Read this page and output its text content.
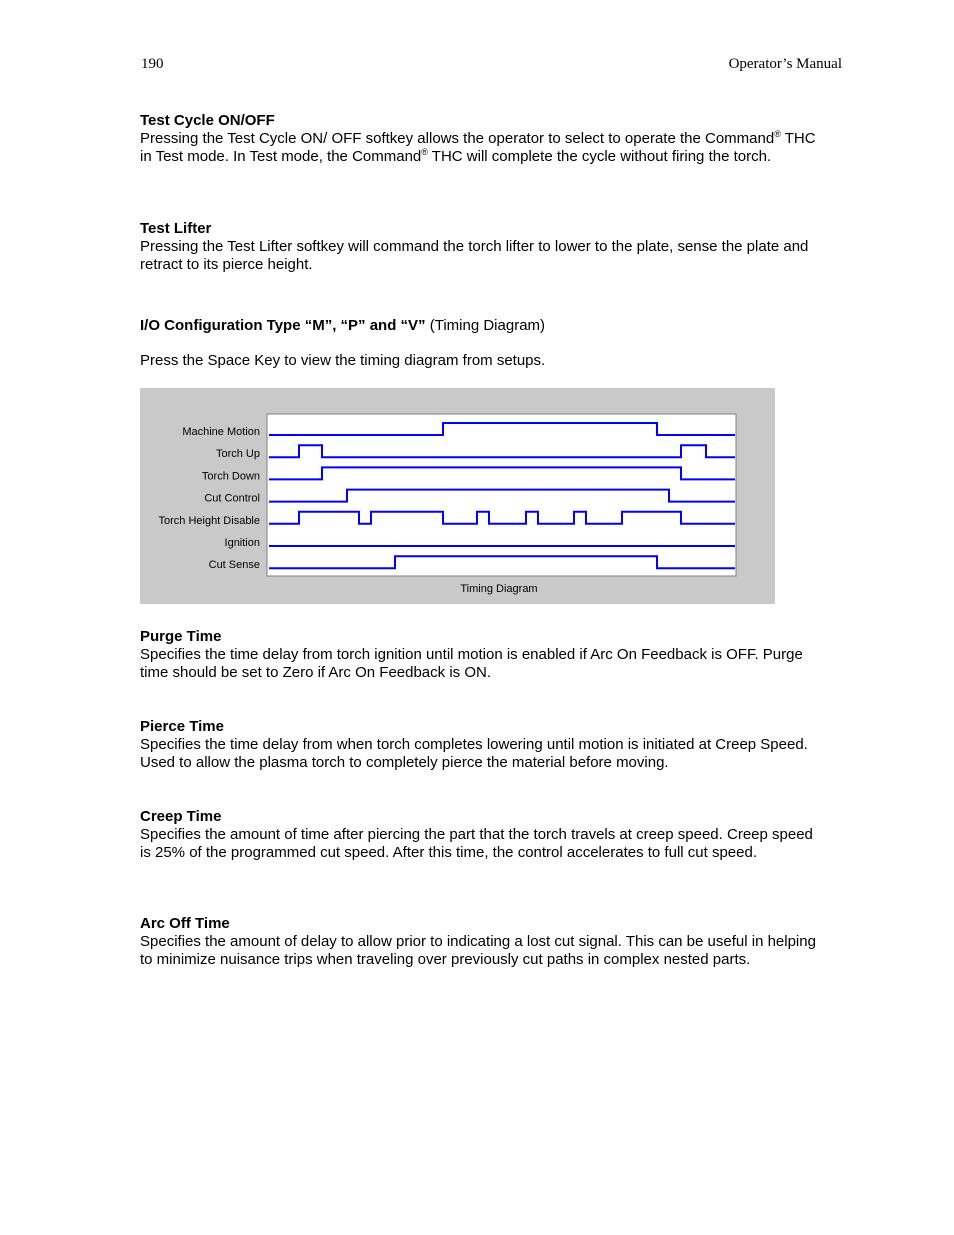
190	Operator’s Manual
Test Cycle ON/OFF

Pressing the Test Cycle ON/ OFF softkey allows the operator to select to operate the Command® THC in Test mode. In Test mode, the Command® THC will complete the cycle without firing the torch.

Test Lifter

Pressing the Test Lifter softkey will command the torch lifter to lower to the plate, sense the plate and retract to its pierce height.

I/O Configuration Type “M”, “P” and “V” (Timing Diagram)

Press the Space Key to view the timing diagram from setups.

Machine Motion
Torch Up
Torch Down
Cut Control
Torch Height Disable
Ignition
Cut Sense
Timing Diagram
Purge Time

Specifies the time delay from torch ignition until motion is enabled if Arc On Feedback is OFF. Purge time should be set to Zero if Arc On Feedback is ON.

Pierce Time

Specifies the time delay from when torch completes lowering until motion is initiated at Creep Speed. Used to allow the plasma torch to completely pierce the material before moving.

Creep Time

Specifies the amount of time after piercing the part that the torch travels at creep speed. Creep speed is 25% of the programmed cut speed. After this time, the control accelerates to full cut speed.

Arc Off Time

Specifies the amount of delay to allow prior to indicating a lost cut signal. This can be useful in helping to minimize nuisance trips when traveling over previously cut paths in complex nested parts.
